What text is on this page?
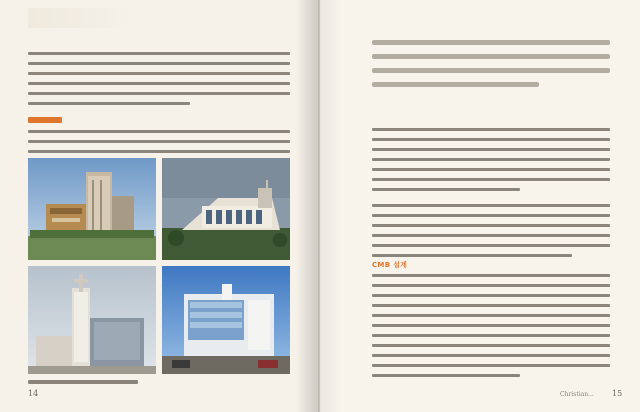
14
CMB 설계
Christian... 15
